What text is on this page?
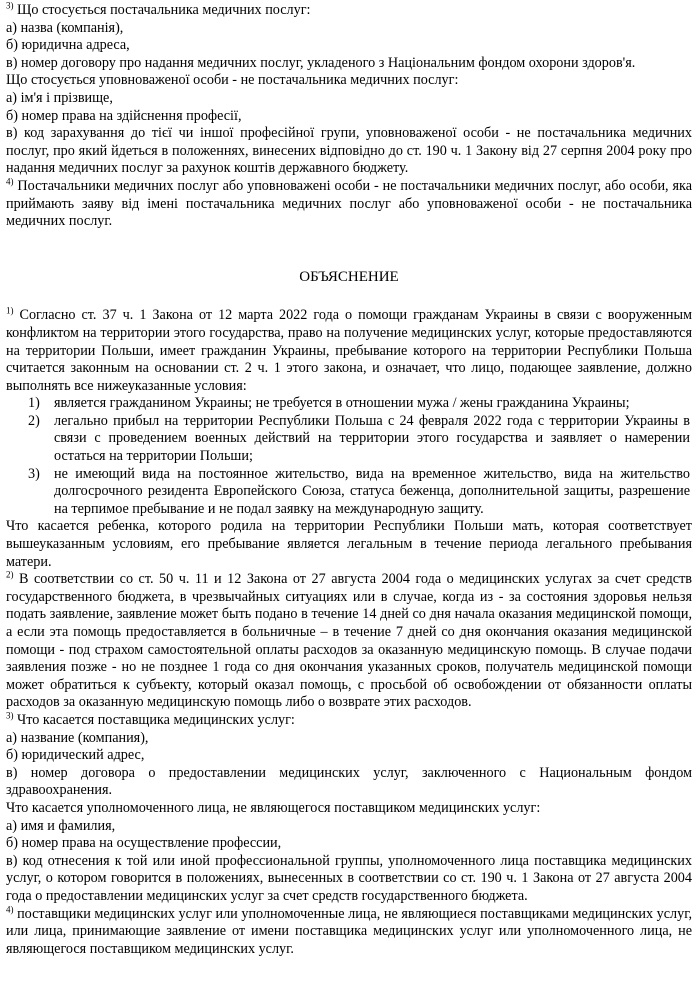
$^{3)}$ Що стосується постачальника медичних послуг:

а) назва (компанія),

б) юридична адреса,

в) номер договору про надання медичних послуг, укладеного з Національним фондом охорони здоров'я.

Що стосується уповноваженої особи - не постачальника медичних послуг:

а) ім'я і прізвище,

б) номер права на здійснення професії,

в) код зарахування до тієї чи іншої професійної групи, уповноваженої особи - не постачальника медичних послуг, про який йдеться в положеннях, винесених відповідно до ст. 190 ч. 1 Закону від 27 серпня 2004 року про надання медичних послуг за рахунок коштів державного бюджету.

$^{4)}$ Постачальники медичних послуг або уповноважені особи - не постачальники медичних послуг, або особи, яка приймають заяву від імені постачальника медичних послуг або уповноваженої особи - не постачальника медичних послуг.

ОБЪЯСНЕНИЕ

$^{1)}$ Согласно ст. 37 ч. 1 Закона от 12 марта 2022 года о помощи гражданам Украины в связи с вооруженным конфликтом на территории этого государства, право на получение медицинских услуг, которые предоставляются на территории Польши, имеет гражданин Украины, пребывание которого на территории Республики Польша считается законным на основании ст. 2 ч. 1 этого закона, и означает, что лицо, подающее заявление, должно выполнять все нижеуказанные условия:

1) является гражданином Украины; не требуется в отношении мужа / жены гражданина Украины;
2) легально прибыл на территории Республики Польша с 24 февраля 2022 года с территории Украины в связи с проведением военных действий на территории этого государства и заявляет о намерении остаться на территории Польши;
3) не имеющий вида на постоянное жительство, вида на временное жительство, вида на жительство долгосрочного резидента Европейского Союза, статуса беженца, дополнительной защиты, разрешение на терпимое пребывание и не подал заявку на международную защиту.

Что касается ребенка, которого родила на территории Республики Польши мать, которая соответствует вышеуказанным условиям, его пребывание является легальным в течение периода легального пребывания матери.

$^{2)}$ В соответствии со ст. 50 ч. 11 и 12 Закона от 27 августа 2004 года о медицинских услугах за счет средств государственного бюджета, в чрезвычайных ситуациях или в случае, когда из - за состояния здоровья нельзя подать заявление, заявление может быть подано в течение 14 дней со дня начала оказания медицинской помощи, а если эта помощь предоставляется в больничные – в течение 7 дней со дня окончания оказания медицинской помощи - под страхом самостоятельной оплаты расходов за оказанную медицинскую помощь. В случае подачи заявления позже - но не позднее 1 года со дня окончания указанных сроков, получатель медицинской помощи может обратиться к субъекту, который оказал помощь, с просьбой об освобождении от обязанности оплаты расходов за оказанную медицинскую помощь либо о возврате этих расходов.

$^{3)}$ Что касается поставщика медицинских услуг:

а) название (компания),

б) юридический адрес,

в) номер договора о предоставлении медицинских услуг, заключенного с Национальным фондом здравоохранения.

Что касается уполномоченного лица, не являющегося поставщиком медицинских услуг:

а) имя и фамилия,

б) номер права на осуществление профессии,

в) код отнесения к той или иной профессиональной группы, уполномоченного лица поставщика медицинских услуг, о котором говорится в положениях, вынесенных в соответствии со ст. 190 ч. 1 Закона от 27 августа 2004 года о предоставлении медицинских услуг за счет средств государственного бюджета.

$^{4)}$ поставщики медицинских услуг или уполномоченные лица, не являющиеся поставщиками медицинских услуг, или лица, принимающие заявление от имени поставщика медицинских услуг или уполномоченного лица, не являющегося поставщиком медицинских услуг.
